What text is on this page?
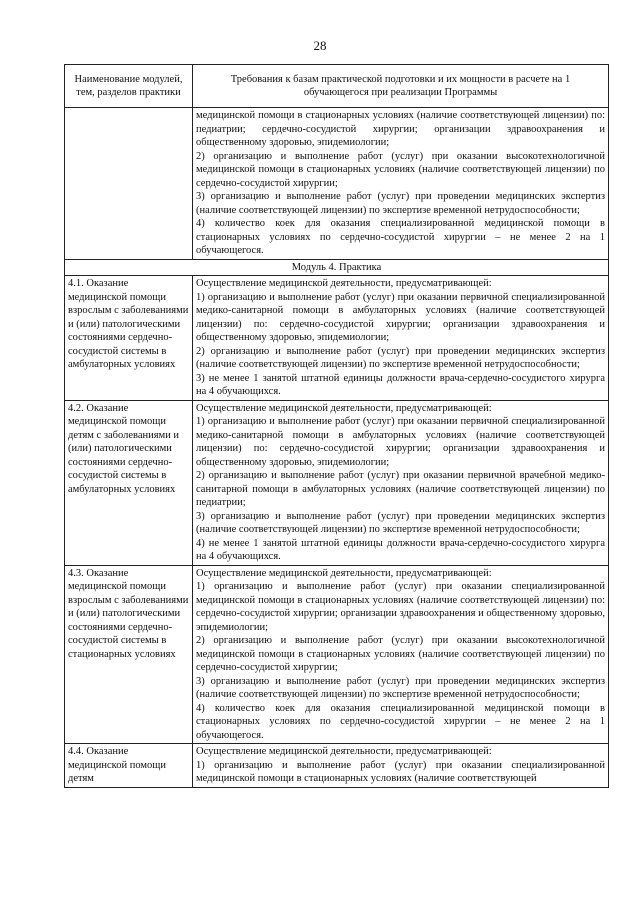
28
Наименование модулей, тем, разделов практики	Требования к базам практической подготовки и их мощности в расчете на 1 обучающегося при реализации Программы

	медицинской помощи в стационарных условиях (наличие соответствующей лицензии) по: педиатрии; сердечно-сосудистой хирургии; организации здравоохранения и общественному здоровью, эпидемиологии;
2) организацию и выполнение работ (услуг) при оказании высокотехнологичной медицинской помощи в стационарных условиях (наличие соответствующей лицензии) по сердечно-сосудистой хирургии;
3) организацию и выполнение работ (услуг) при проведении медицинских экспертиз (наличие соответствующей лицензии) по экспертизе временной нетрудоспособности;
4) количество коек для оказания специализированной медицинской помощи в стационарных условиях по сердечно-сосудистой хирургии – не менее 2 на 1 обучающегося.

Модуль 4. Практика	
4.1. Оказание медицинской помощи взрослым с заболеваниями и (или) патологическими состояниями сердечно-сосудистой системы в амбулаторных условиях	Осуществление медицинской деятельности, предусматривающей:
1) организацию и выполнение работ (услуг) при оказании первичной специализированной медико-санитарной помощи в амбулаторных условиях (наличие соответствующей лицензии) по: сердечно-сосудистой хирургии; организации здравоохранения и общественному здоровью, эпидемиологии;
2) организацию и выполнение работ (услуг) при проведении медицинских экспертиз (наличие соответствующей лицензии) по экспертизе временной нетрудоспособности;
3) не менее 1 занятой штатной единицы должности врача-сердечно-сосудистого хирурга на 4 обучающихся.

4.2. Оказание медицинской помощи детям с заболеваниями и (или) патологическими состояниями сердечно-сосудистой системы в амбулаторных условиях	Осуществление медицинской деятельности, предусматривающей:
1) организацию и выполнение работ (услуг) при оказании первичной специализированной медико-санитарной помощи в амбулаторных условиях (наличие соответствующей лицензии) по: сердечно-сосудистой хирургии; организации здравоохранения и общественному здоровью, эпидемиологии;
2) организацию и выполнение работ (услуг) при оказании первичной врачебной медико-санитарной помощи в амбулаторных условиях (наличие соответствующей лицензии) по педиатрии;
3) организацию и выполнение работ (услуг) при проведении медицинских экспертиз (наличие соответствующей лицензии) по экспертизе временной нетрудоспособности;
4) не менее 1 занятой штатной единицы должности врача-сердечно-сосудистого хирурга на 4 обучающихся.

4.3. Оказание медицинской помощи взрослым с заболеваниями и (или) патологическими состояниями сердечно-сосудистой системы в стационарных условиях	Осуществление медицинской деятельности, предусматривающей:
1) организацию и выполнение работ (услуг) при оказании специализированной медицинской помощи в стационарных условиях (наличие соответствующей лицензии) по: сердечно-сосудистой хирургии; организации здравоохранения и общественному здоровью, эпидемиологии;
2) организацию и выполнение работ (услуг) при оказании высокотехнологичной медицинской помощи в стационарных условиях (наличие соответствующей лицензии) по сердечно-сосудистой хирургии;
3) организацию и выполнение работ (услуг) при проведении медицинских экспертиз (наличие соответствующей лицензии) по экспертизе временной нетрудоспособности;
4) количество коек для оказания специализированной медицинской помощи в стационарных условиях по сердечно-сосудистой хирургии – не менее 2 на 1 обучающегося.

4.4. Оказание медицинской помощи детям	Осуществление медицинской деятельности, предусматривающей:
1) организацию и выполнение работ (услуг) при оказании специализированной медицинской помощи в стационарных условиях (наличие соответствующей
